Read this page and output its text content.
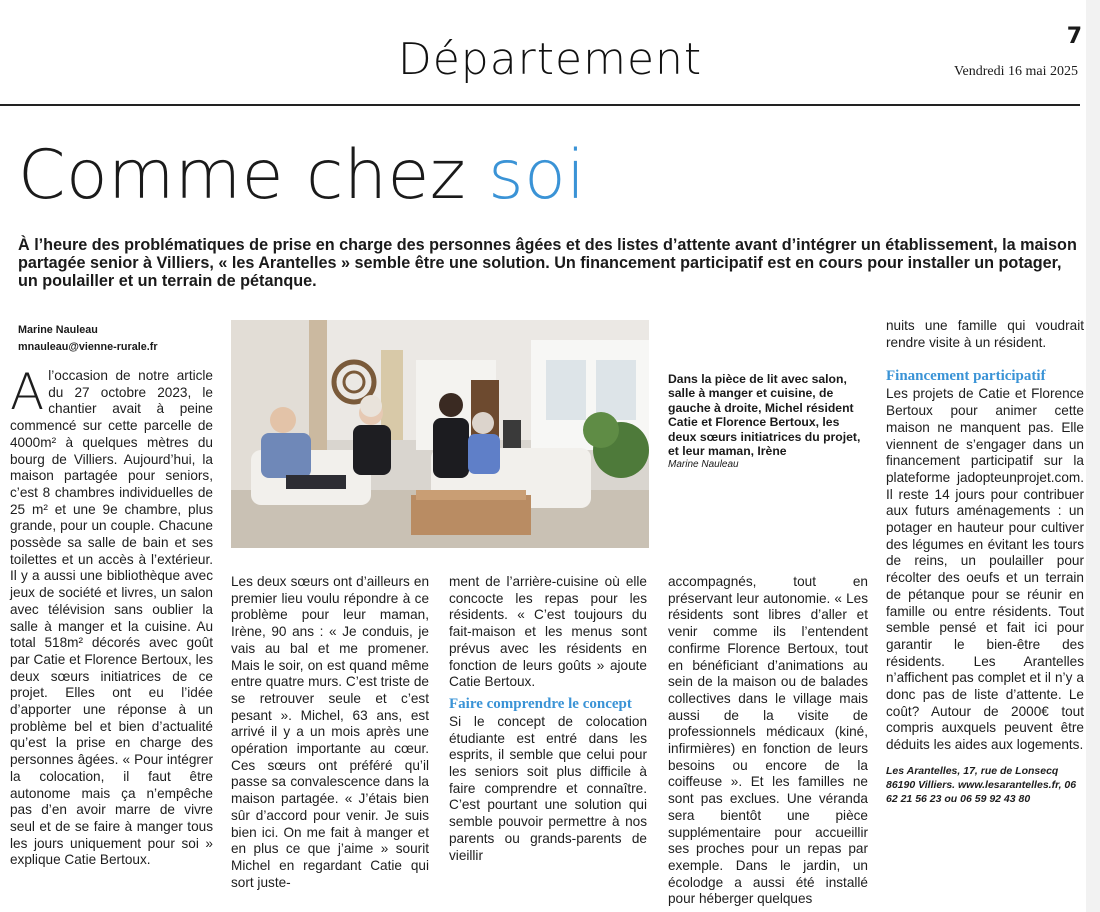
Département	7
Vendredi 16 mai 2025
Comme chez soi
À l’heure des problématiques de prise en charge des personnes âgées et des listes d’attente avant d’intégrer un établissement, la maison partagée senior à Villiers, « les Arantelles » semble être une solution. Un financement participatif est en cours pour installer un potager, un poulailler et un terrain de pétanque.
Marine Nauleau
mnauleau@vienne-rurale.fr
A l’occasion de notre article du 27 octobre 2023, le chantier avait à peine commencé sur cette parcelle de 4000m² à quelques mètres du bourg de Villiers. Aujourd’hui, la maison partagée pour seniors, c’est 8 chambres individuelles de 25 m² et une 9e chambre, plus grande, pour un couple. Chacune possède sa salle de bain et ses toilettes et un accès à l’extérieur. Il y a aussi une bibliothèque avec jeux de société et livres, un salon avec télévision sans oublier la salle à manger et la cuisine. Au total 518m² décorés avec goût par Catie et Florence Bertoux, les deux sœurs initiatrices de ce projet. Elles ont eu l’idée d’apporter une réponse à un problème bel et bien d’actualité qu’est la prise en charge des personnes âgées. « Pour intégrer la colocation, il faut être autonome mais ça n’empêche pas d’en avoir marre de vivre seul et de se faire à manger tous les jours uniquement pour soi » explique Catie Bertoux.
Dans la pièce de lit avec salon, salle à manger et cuisine, de gauche à droite, Michel résident Catie et Florence Bertoux, les deux sœurs initiatrices du projet, et leur maman, Irène
Marine Nauleau

Les deux sœurs ont d’ailleurs en premier lieu voulu répondre à ce problème pour leur maman, Irène, 90 ans : « Je conduis, je vais au bal et me promener. Mais le soir, on est quand même entre quatre murs. C’est triste de se retrouver seule et c’est pesant ». Michel, 63 ans, est arrivé il y a un mois après une opération importante au cœur. Ces sœurs ont préféré qu’il passe sa convalescence dans la maison partagée. « J’étais bien sûr d’accord pour venir. Je suis bien ici. On me fait à manger et en plus ce que j’aime » sourit Michel en regardant Catie qui sort juste-

ment de l’arrière-cuisine où elle concocte les repas pour les résidents. « C’est toujours du fait-maison et les menus sont prévus avec les résidents en fonction de leurs goûts » ajoute Catie Bertoux.

Faire comprendre le concept

Si le concept de colocation étudiante est entré dans les esprits, il semble que celui pour les seniors soit plus difficile à faire comprendre et connaître. C’est pourtant une solution qui semble pouvoir permettre à nos parents ou grands-parents de vieillir

accompagnés, tout en préservant leur autonomie. « Les résidents sont libres d’aller et venir comme ils l’entendent confirme Florence Bertoux, tout en bénéficiant d’animations au sein de la maison ou de balades collectives dans le village mais aussi de la visite de professionnels médicaux (kiné, infirmières) en fonction de leurs besoins ou encore de la coiffeuse ». Et les familles ne sont pas exclues. Une véranda sera bientôt une pièce supplémentaire pour accueillir ses proches pour un repas par exemple. Dans le jardin, un écolodge a aussi été installé pour héberger quelques

nuits une famille qui voudrait rendre visite à un résident.

Financement participatif

Les projets de Catie et Florence Bertoux pour animer cette maison ne manquent pas. Elle viennent de s’engager dans un financement participatif sur la plateforme jadopteunprojet.com. Il reste 14 jours pour contribuer aux futurs aménagements : un potager en hauteur pour cultiver des légumes en évitant les tours de reins, un poulailler pour récolter des oeufs et un terrain de pétanque pour se réunir en famille ou entre résidents. Tout semble pensé et fait ici pour garantir le bien-être des résidents. Les Arantelles n’affichent pas complet et il n’y a donc pas de liste d’attente. Le coût? Autour de 2000€ tout compris auxquels peuvent être déduits les aides aux logements.

Les Arantelles, 17, rue de Lonsecq 86190 Villiers. www.lesarantelles.fr, 06 62 21 56 23 ou 06 59 92 43 80
